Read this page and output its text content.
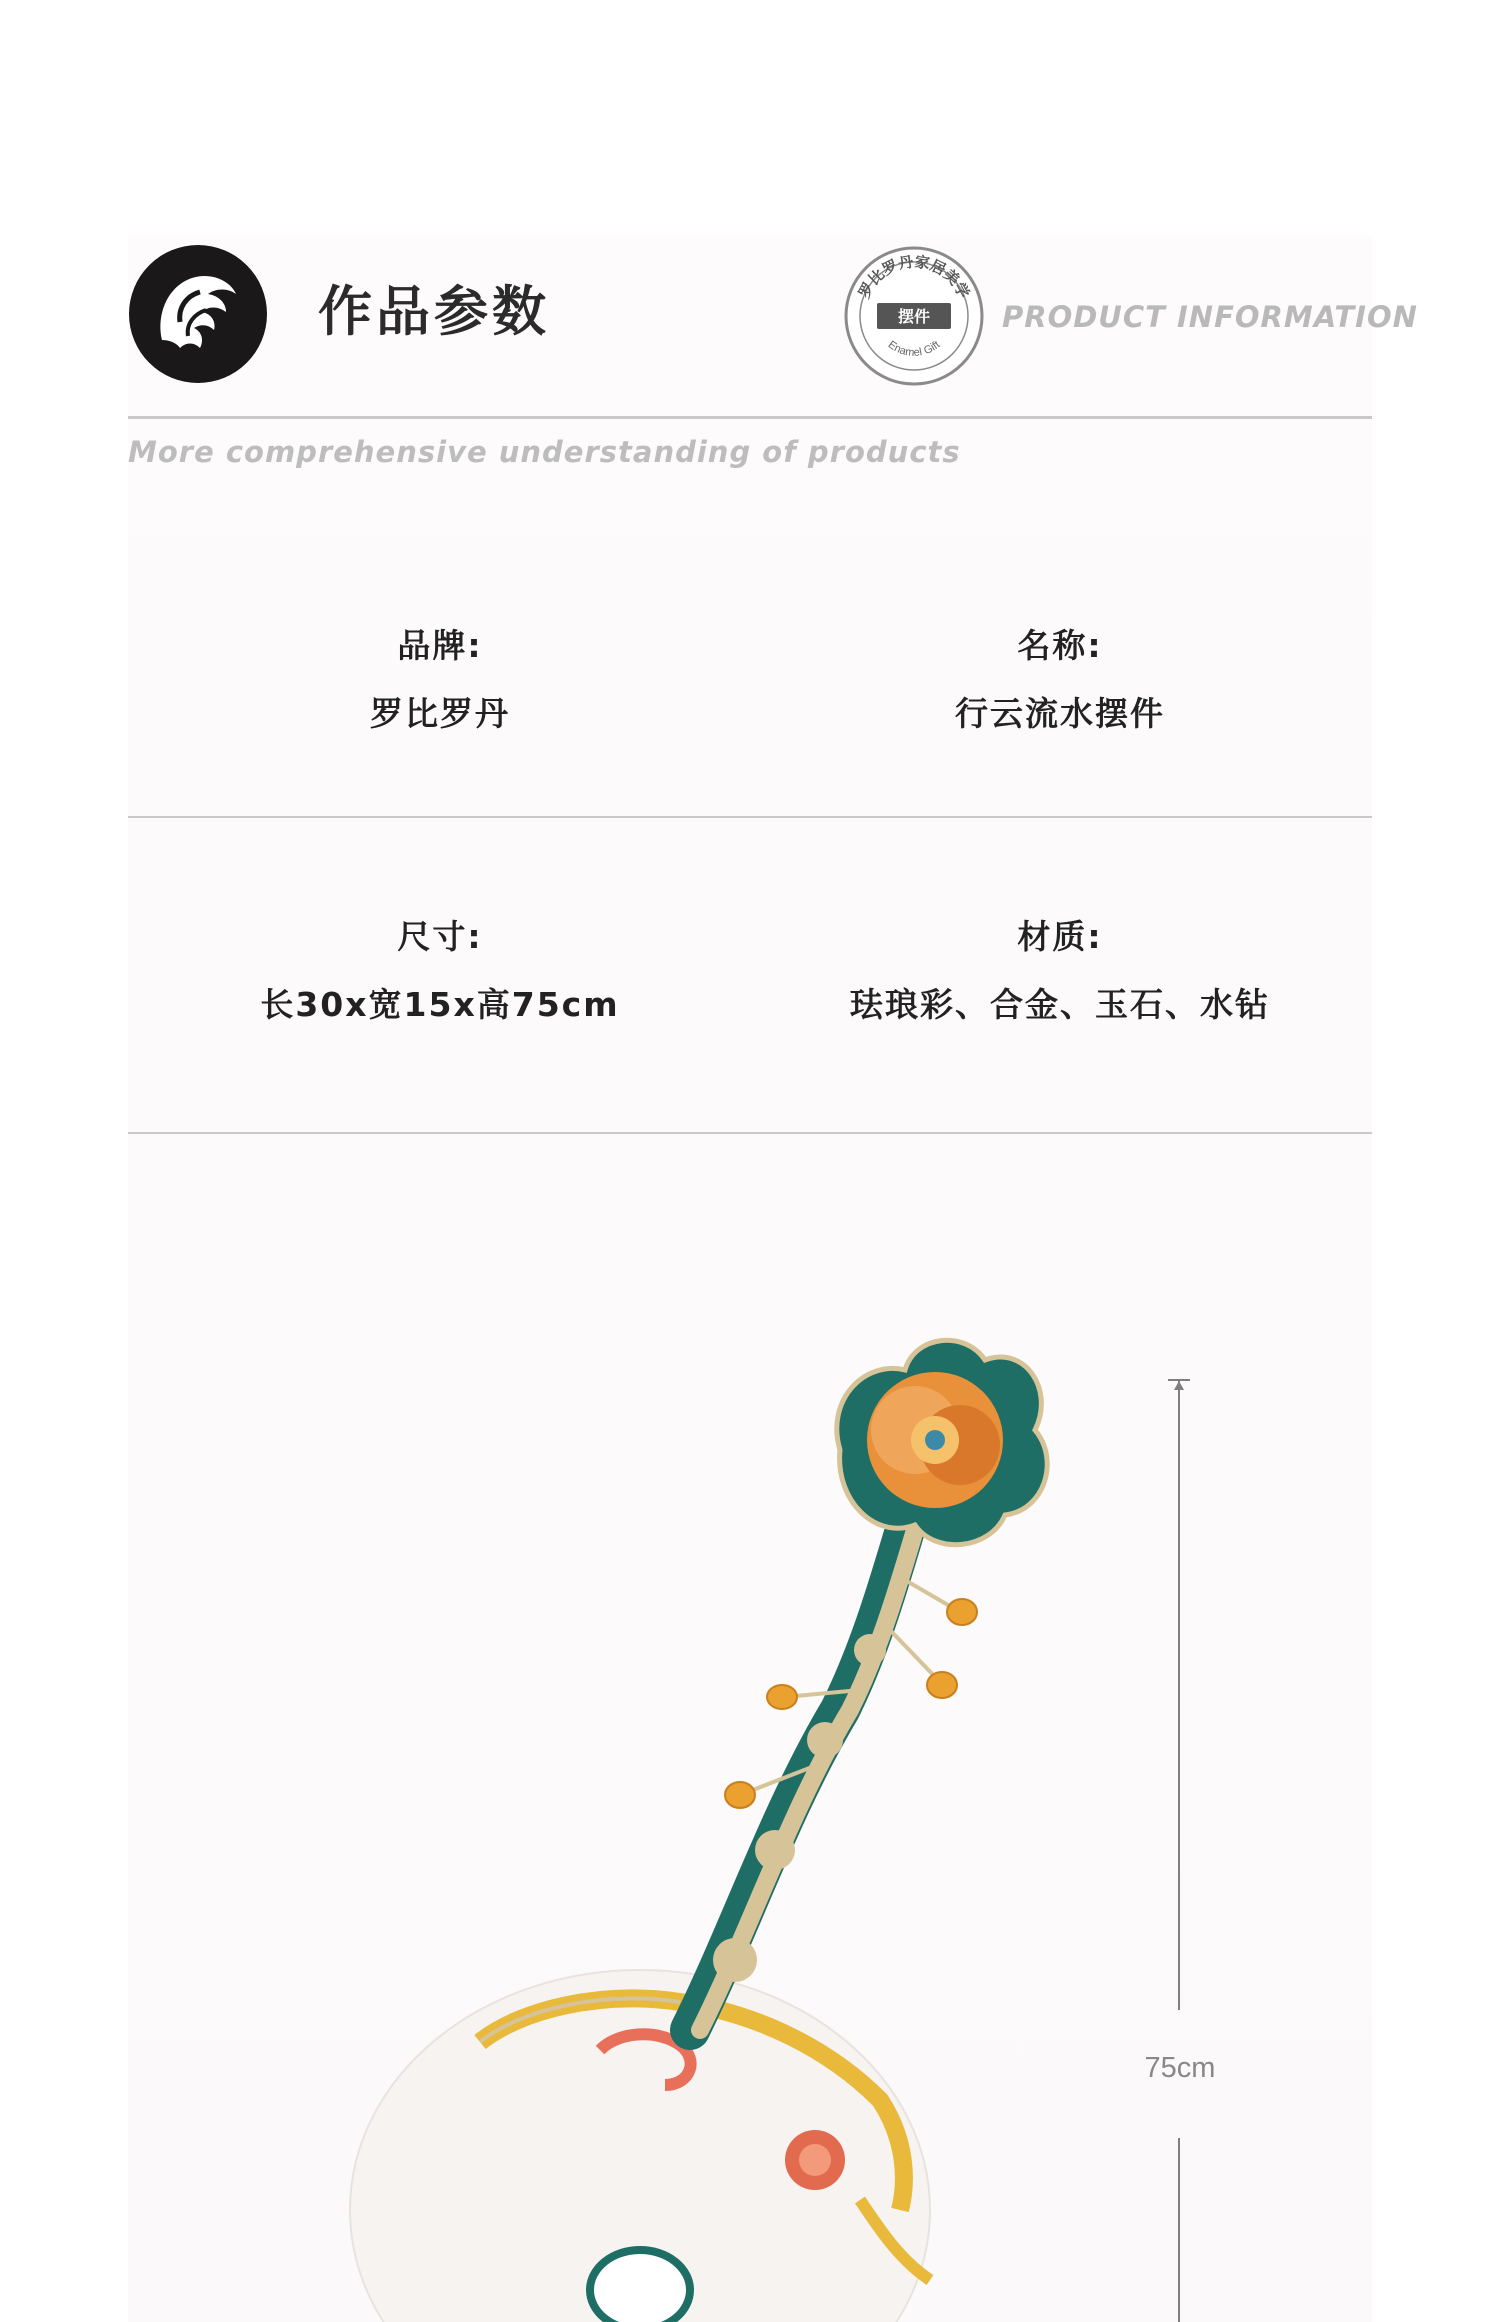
作品参数	罗比罗丹家居美学
摆件
Enamel Gift
PRODUCT INFORMATION
More comprehensive understanding of products
品牌:
罗比罗丹
名称:
行云流水摆件
尺寸:
长30x宽15x高75cm
材质:
珐琅彩、合金、玉石、水钻
75cm
